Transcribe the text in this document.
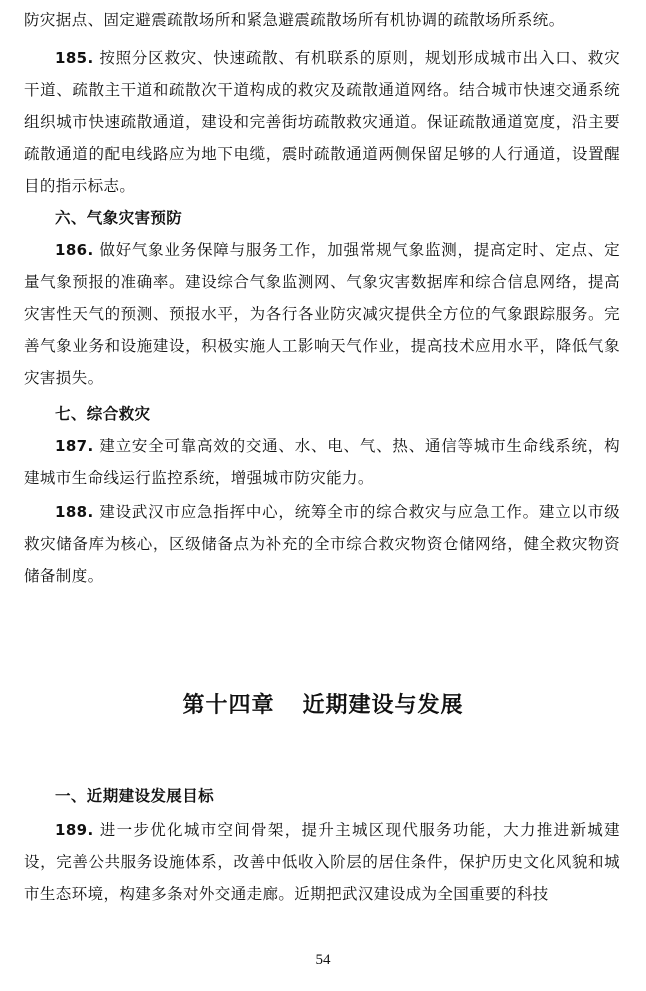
防灾据点、固定避震疏散场所和紧急避震疏散场所有机协调的疏散场所系统。

185. 按照分区救灾、快速疏散、有机联系的原则，规划形成城市出入口、救灾干道、疏散主干道和疏散次干道构成的救灾及疏散通道网络。结合城市快速交通系统组织城市快速疏散通道，建设和完善街坊疏散救灾通道。保证疏散通道宽度，沿主要疏散通道的配电线路应为地下电缆，震时疏散通道两侧保留足够的人行通道，设置醒目的指示标志。

六、气象灾害预防

186. 做好气象业务保障与服务工作，加强常规气象监测，提高定时、定点、定量气象预报的准确率。建设综合气象监测网、气象灾害数据库和综合信息网络，提高灾害性天气的预测、预报水平，为各行各业防灾减灾提供全方位的气象跟踪服务。完善气象业务和设施建设，积极实施人工影响天气作业，提高技术应用水平，降低气象灾害损失。

七、综合救灾

187. 建立安全可靠高效的交通、水、电、气、热、通信等城市生命线系统，构建城市生命线运行监控系统，增强城市防灾能力。

188. 建设武汉市应急指挥中心，统筹全市的综合救灾与应急工作。建立以市级救灾储备库为核心，区级储备点为补充的全市综合救灾物资仓储网络，健全救灾物资储备制度。

第十四章 近期建设与发展
一、近期建设发展目标

189. 进一步优化城市空间骨架，提升主城区现代服务功能，大力推进新城建设，完善公共服务设施体系，改善中低收入阶层的居住条件，保护历史文化风貌和城市生态环境，构建多条对外交通走廊。近期把武汉建设成为全国重要的科技

54
